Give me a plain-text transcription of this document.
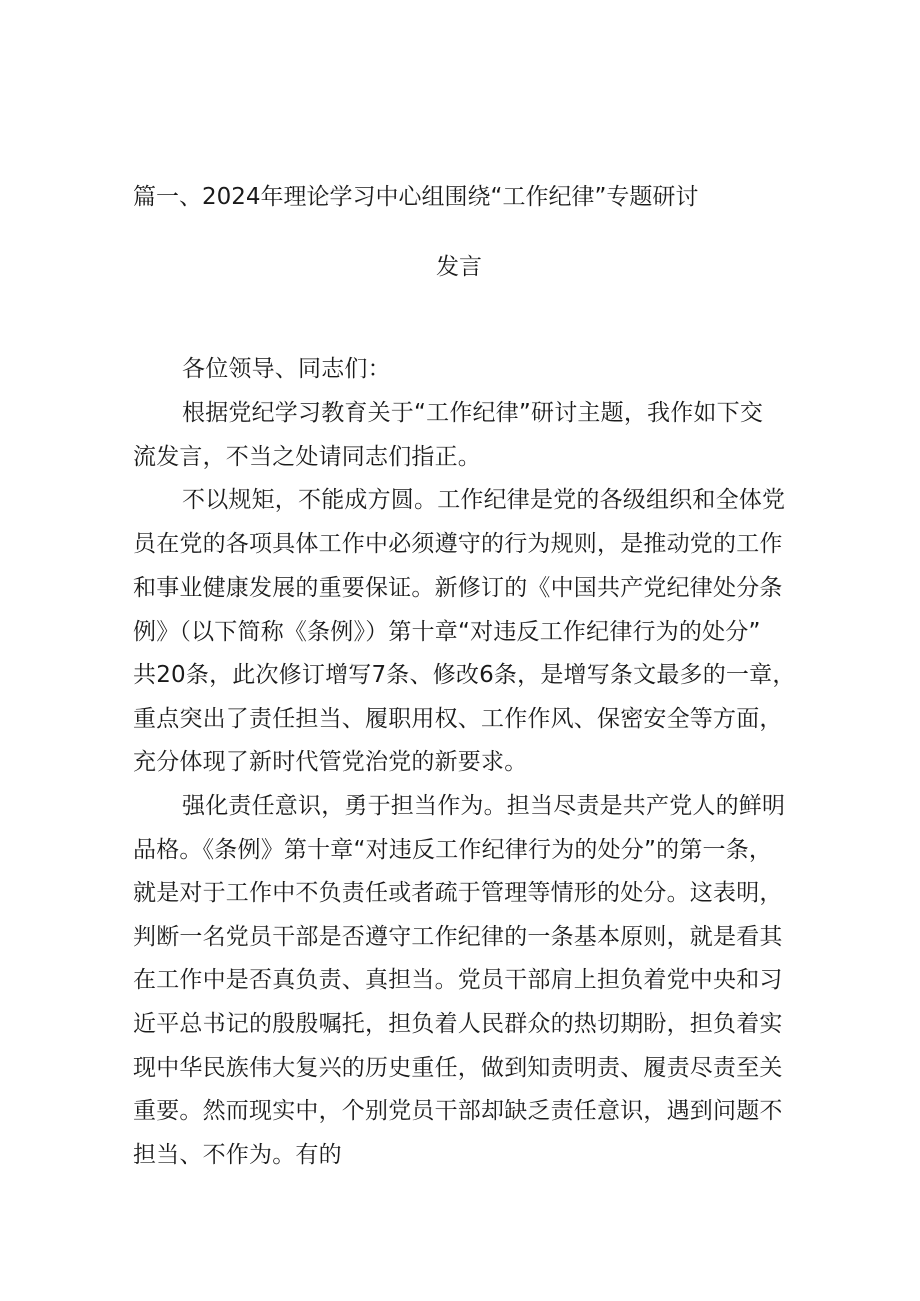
篇一、2024年理论学习中心组围绕“工作纪律”专题研讨
发言
各位领导、同志们：
根据党纪学习教育关于“工作纪律”研讨主题，我作如下交
流发言，不当之处请同志们指正。
不以规矩，不能成方圆。工作纪律是党的各级组织和全体党
员在党的各项具体工作中必须遵守的行为规则，是推动党的工作
和事业健康发展的重要保证。新修订的《中国共产党纪律处分条
例》（以下简称《条例》）第十章“对违反工作纪律行为的处分”
共20条，此次修订增写7条、修改6条，是增写条文最多的一章，
重点突出了责任担当、履职用权、工作作风、保密安全等方面，
充分体现了新时代管党治党的新要求。
强化责任意识，勇于担当作为。担当尽责是共产党人的鲜明
品格。《条例》第十章“对违反工作纪律行为的处分”的第一条，
就是对于工作中不负责任或者疏于管理等情形的处分。这表明，
判断一名党员干部是否遵守工作纪律的一条基本原则，就是看其
在工作中是否真负责、真担当。党员干部肩上担负着党中央和习
近平总书记的殷殷嘱托，担负着人民群众的热切期盼，担负着实
现中华民族伟大复兴的历史重任，做到知责明责、履责尽责至关
重要。然而现实中，个别党员干部却缺乏责任意识，遇到问题不
担当、不作为。有的
